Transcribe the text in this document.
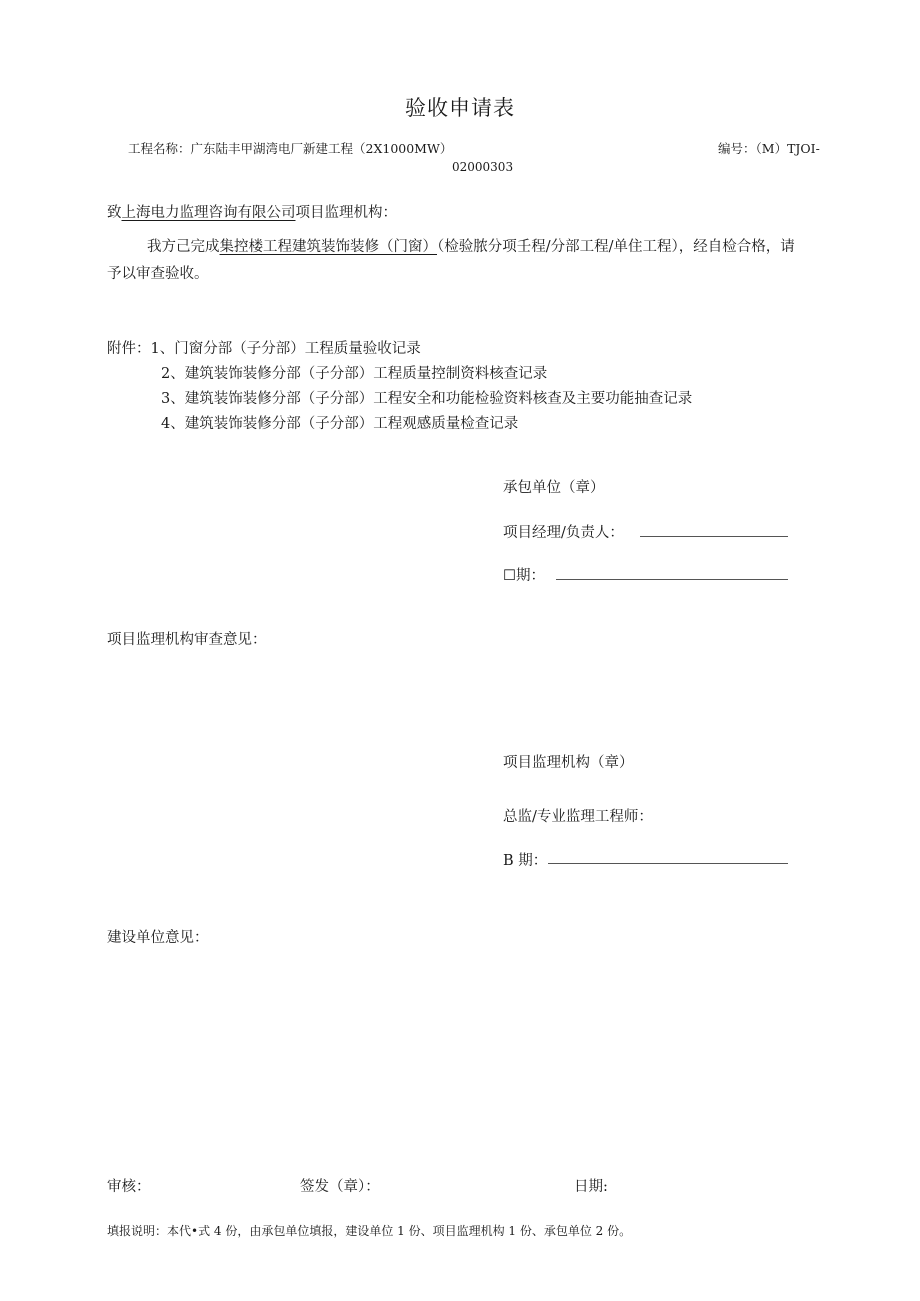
验收申请表
工程名称：广东陆丰甲湖湾电厂新建工程（2X1000MW）	编号：（M）TJOI-
02000303
致上海电力监理咨询有限公司项目监理机构：
我方己完成集控楼工程建筑装饰装修（门窗）（检验脓分项壬程/分部工程/单住工程），经自检合格，请
予以审查验收。
附件：1、门窗分部（子分部）工程质量验收记录
2、建筑装饰装修分部（子分部）工程质量控制资料核查记录
3、建筑装饰装修分部（子分部）工程安全和功能检验资料核查及主要功能抽查记录
4、建筑装饰装修分部（子分部）工程观感质量检查记录
承包单位（章）
项目经理/负责人：
☐期：
项目监理机构审查意见：
项目监理机构（章）
总监/专业监理工程师：
B 期：
建设单位意见：
审核：	签发（章）：	日期:
填报说明：本代•式 4 份，由承包单位填报，建设单位 1 份、项目监理机构 1 份、承包单位 2 份。
